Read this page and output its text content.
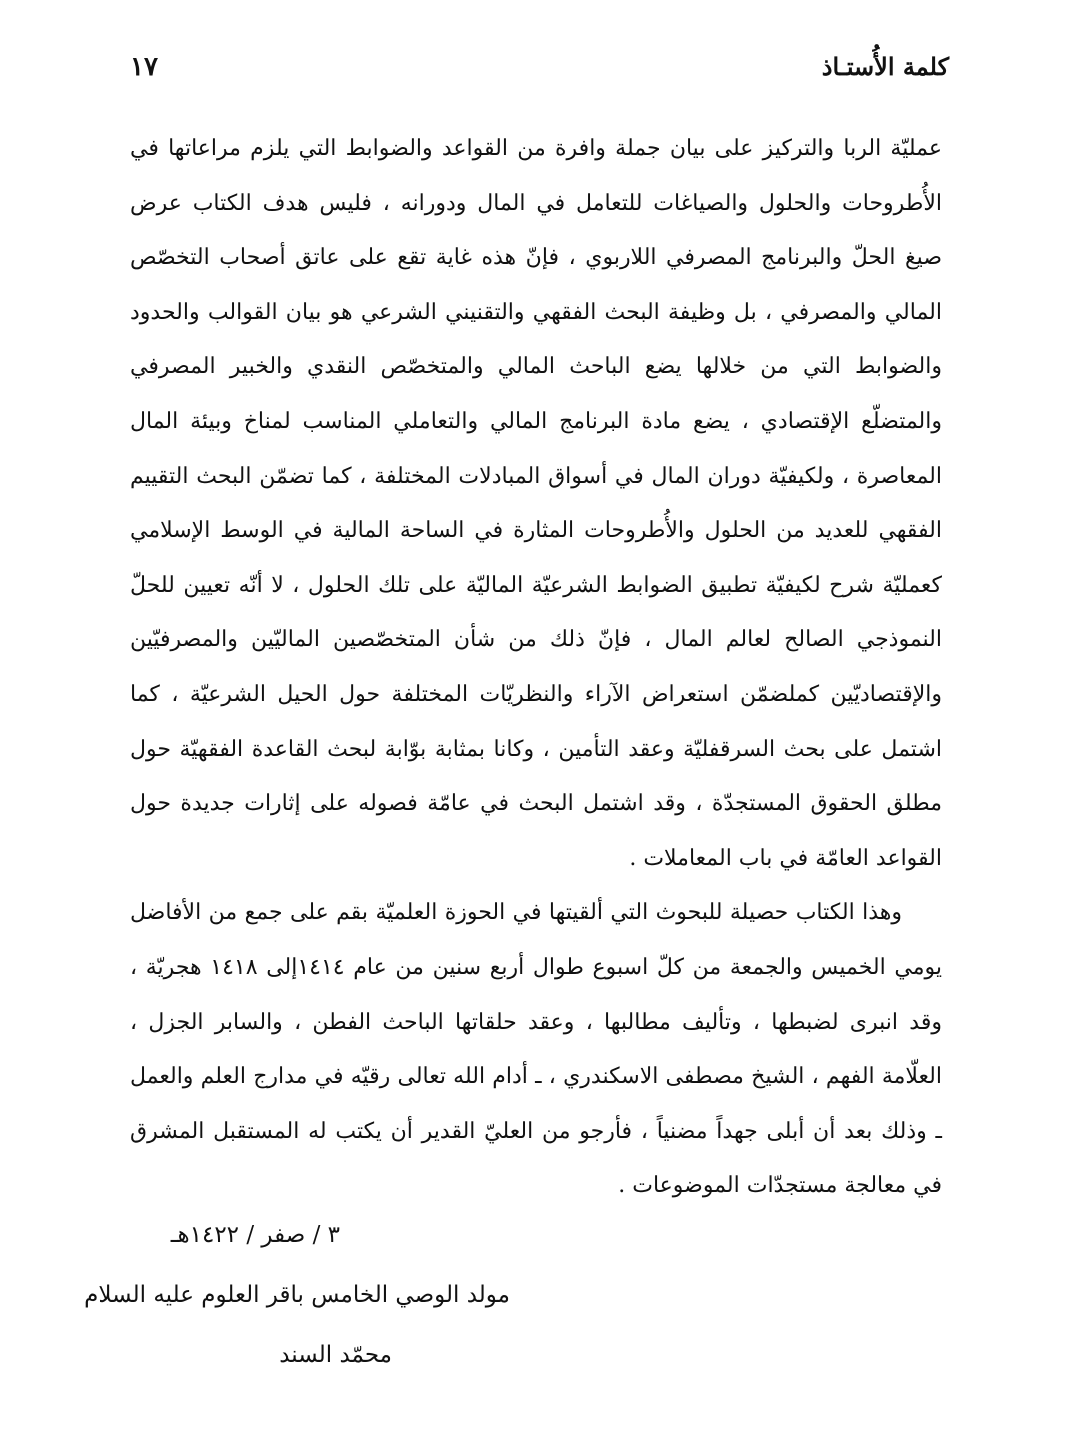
كلمة الأُستـاذ
١٧

عمليّة الربا والتركيز على بيان جملة وافرة من القواعد والضوابط التي يلزم مراعاتها في الأُطروحات والحلول والصياغات للتعامل في المال ودورانه ، فليس هدف الكتاب عرض صيغ الحلّ والبرنامج المصرفي اللاربوي ، فإنّ هذه غاية تقع على عاتق أصحاب التخصّص المالي والمصرفي ، بل وظيفة البحث الفقهي والتقنيني الشرعي هو بيان القوالب والحدود والضوابط التي من خلالها يضع الباحث المالي والمتخصّص النقدي والخبير المصرفي والمتضلّع الإقتصادي ، يضع مادة البرنامج المالي والتعاملي المناسب لمناخ وبيئة المال المعاصرة ، ولكيفيّة دوران المال في أسواق المبادلات المختلفة ، كما تضمّن البحث التقييم الفقهي للعديد من الحلول والأُطروحات المثارة في الساحة المالية في الوسط الإسلامي كعمليّة شرح لكيفيّة تطبيق الضوابط الشرعيّة الماليّة على تلك الحلول ، لا أنّه تعيين للحلّ النموذجي الصالح لعالم المال ، فإنّ ذلك من شأن المتخصّصين الماليّين والمصرفيّين والإقتصاديّين كملضمّن استعراض الآراء والنظريّات المختلفة حول الحيل الشرعيّة ، كما اشتمل على بحث السرقفليّة وعقد التأمين ، وكانا بمثابة بوّابة لبحث القاعدة الفقهيّة حول مطلق الحقوق المستجدّة ، وقد اشتمل البحث في عامّة فصوله على إثارات جديدة حول القواعد العامّة في باب المعاملات .

وهذا الكتاب حصيلة للبحوث التي ألقيتها في الحوزة العلميّة بقم على جمع من الأفاضل يومي الخميس والجمعة من كلّ اسبوع طوال أربع سنين من عام ١٤١٤إلى ١٤١٨ هجريّة ، وقد انبرى لضبطها ، وتأليف مطالبها ، وعقد حلقاتها الباحث الفطن ، والسابر الجزل ، العلّامة الفهم ، الشيخ مصطفى الاسكندري ، ـ أدام الله تعالى رقيّه في مدارج العلم والعمل ـ وذلك بعد أن أبلى جهداً مضنياً ، فأرجو من العليّ القدير أن يكتب له المستقبل المشرق في معالجة مستجدّات الموضوعات .

٣ / صفر / ١٤٢٢هـ
مولد الوصي الخامس باقر العلوم عليه السلام
محمّد السند
